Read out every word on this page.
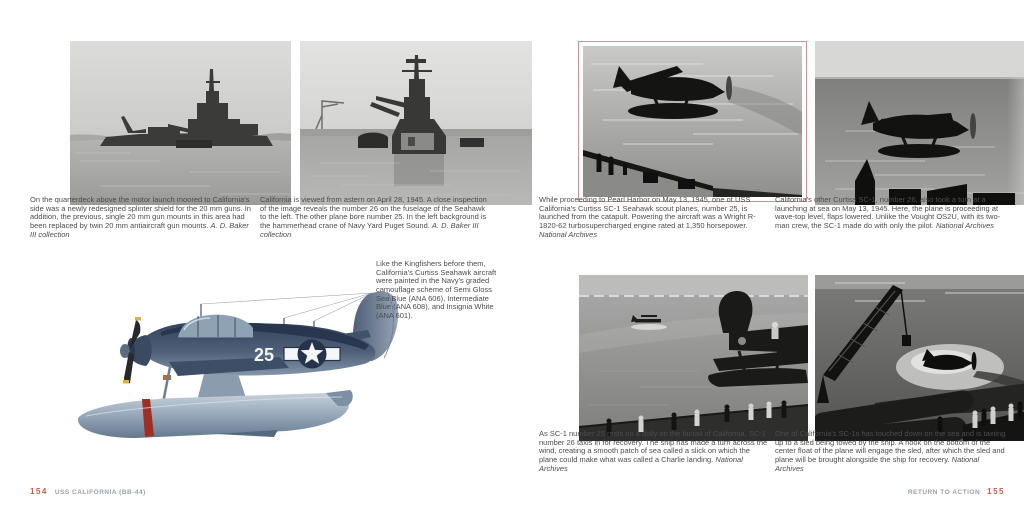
On the quarterdeck above the motor launch moored to California's side was a newly redesigned splinter shield for the 20 mm guns. In addition, the previous, single 20 mm gun mounts in this area had been replaced by twin 20 mm antiaircraft gun mounts. A. D. Baker III collection

California is viewed from astern on April 28, 1945. A close inspection of the image reveals the number 26 on the fuselage of the Seahawk to the left. The other plane bore number 25. In the left background is the hammerhead crane of Navy Yard Puget Sound. A. D. Baker III collection

25

Like the Kingfishers before them, California's Curtiss Seahawk aircraft were painted in the Navy's graded camouflage scheme of Semi Gloss Sea Blue (ANA 606), Intermediate Blue (ANA 608), and Insignia White (ANA 601).

154 USS CALIFORNIA (BB-44)

While proceeding to Pearl Harbor on May 13, 1945, one of USS California's Curtiss SC-1 Seahawk scout planes, number 25, is launched from the catapult. Powering the aircraft was a Wright R-1820-62 turbosupercharged engine rated at 1,350 horsepower. National Archives

California's other Curtiss SC-1, number 26, also took a turn at a launching at sea on May 13, 1945. Here, the plane is proceeding at wave-top level, flaps lowered. Unlike the Vought OS2U, with its two-man crew, the SC-1 made do with only the pilot. National Archives

As SC-1 number 25 rests on a dolly on the fantail of California, SC-1 number 26 taxis in for recovery. The ship has made a turn across the wind, creating a smooth patch of sea called a slick on which the plane could make what was called a Charlie landing. National Archives

One of California's SC-1s has touched down on the sea and is taxiing up to a sled being towed by the ship. A hook on the bottom of the center float of the plane will engage the sled, after which the sled and plane will be brought alongside the ship for recovery. National Archives

RETURN TO ACTION 155
